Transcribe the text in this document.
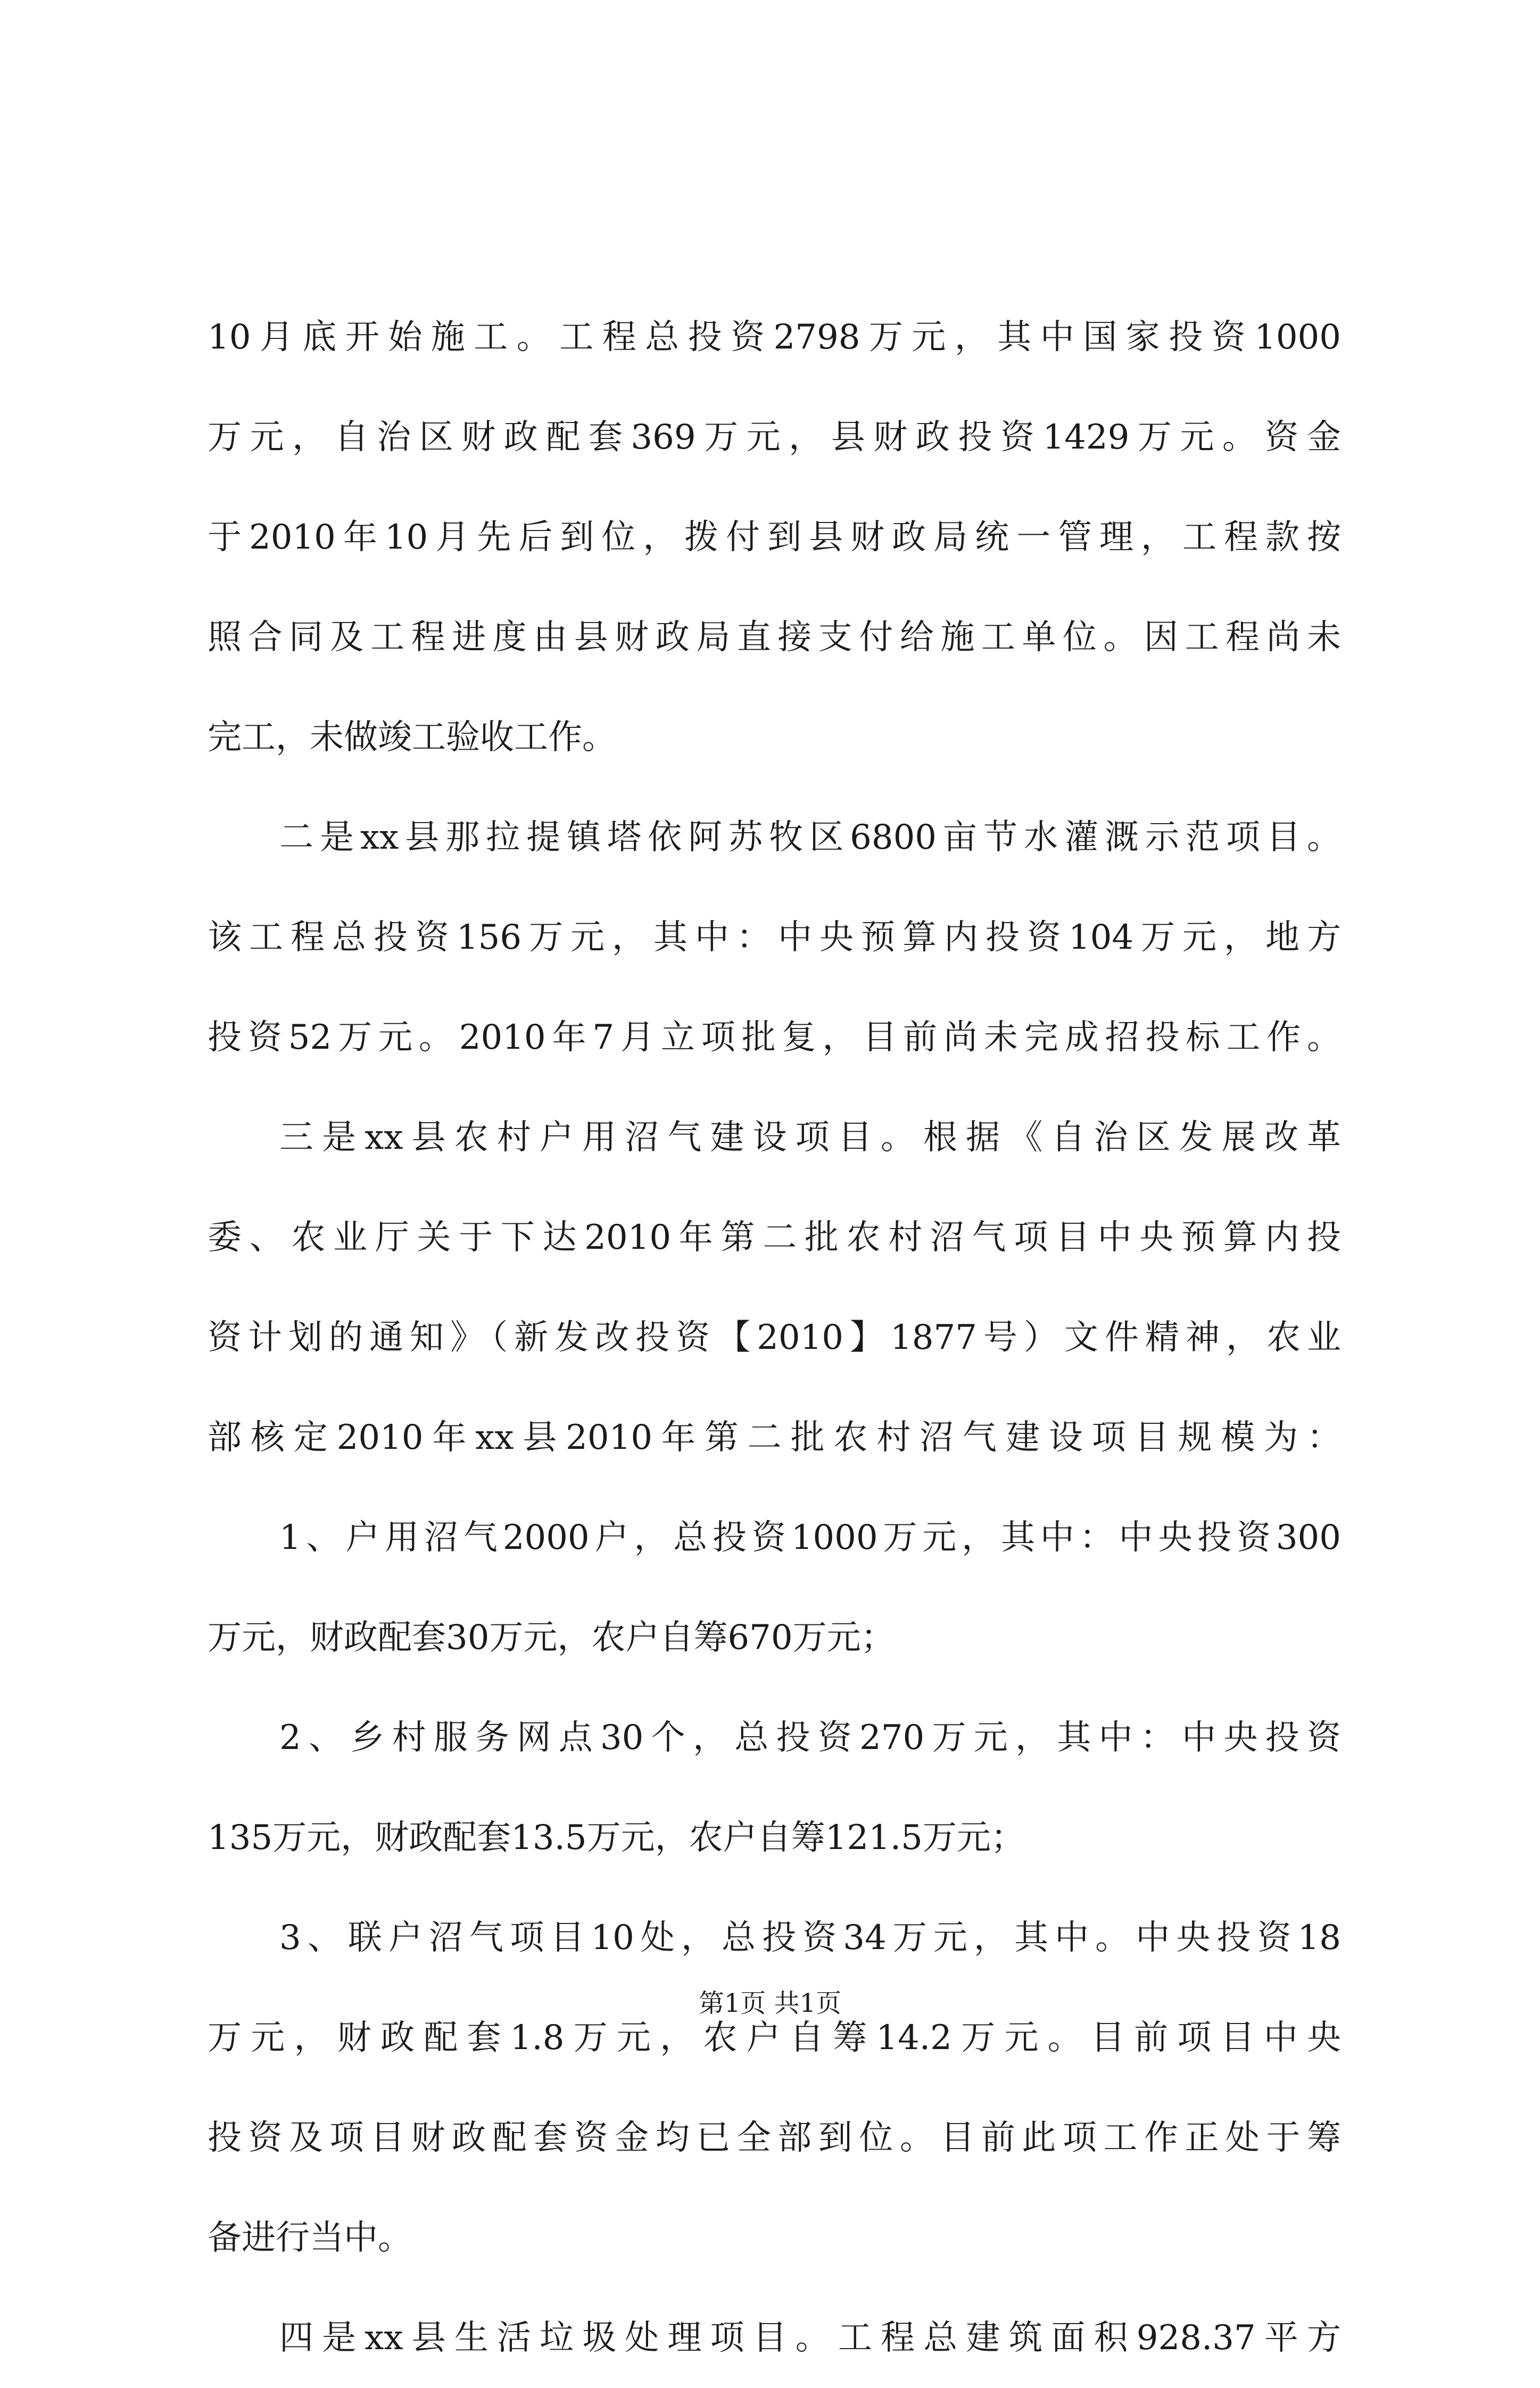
10月底开始施工。工程总投资2798万元，其中国家投资1000
万元，自治区财政配套369万元，县财政投资1429万元。资金
于2010年10月先后到位，拨付到县财政局统一管理，工程款按
照合同及工程进度由县财政局直接支付给施工单位。因工程尚未
完工，未做竣工验收工作。
二是xx县那拉提镇塔依阿苏牧区6800亩节水灌溉示范项目。
该工程总投资156万元，其中：中央预算内投资104万元，地方
投资52万元。2010年7月立项批复，目前尚未完成招投标工作。
三是xx县农村户用沼气建设项目。根据《自治区发展改革
委、农业厅关于下达2010年第二批农村沼气项目中央预算内投
资计划的通知》（新发改投资【2010】1877号）文件精神，农业
部核定2010年xx县2010年第二批农村沼气建设项目规模为：
1、户用沼气2000户，总投资1000万元，其中：中央投资300
万元，财政配套30万元，农户自筹670万元；
2、乡村服务网点30个，总投资270万元，其中：中央投资
135万元，财政配套13.5万元，农户自筹121.5万元；
3、联户沼气项目10处，总投资34万元，其中。中央投资18
万元，财政配套1.8万元，农户自筹14.2万元。目前项目中央
投资及项目财政配套资金均已全部到位。目前此项工作正处于筹
备进行当中。
四是xx县生活垃圾处理项目。工程总建筑面积928.37平方
第1页 共1页
